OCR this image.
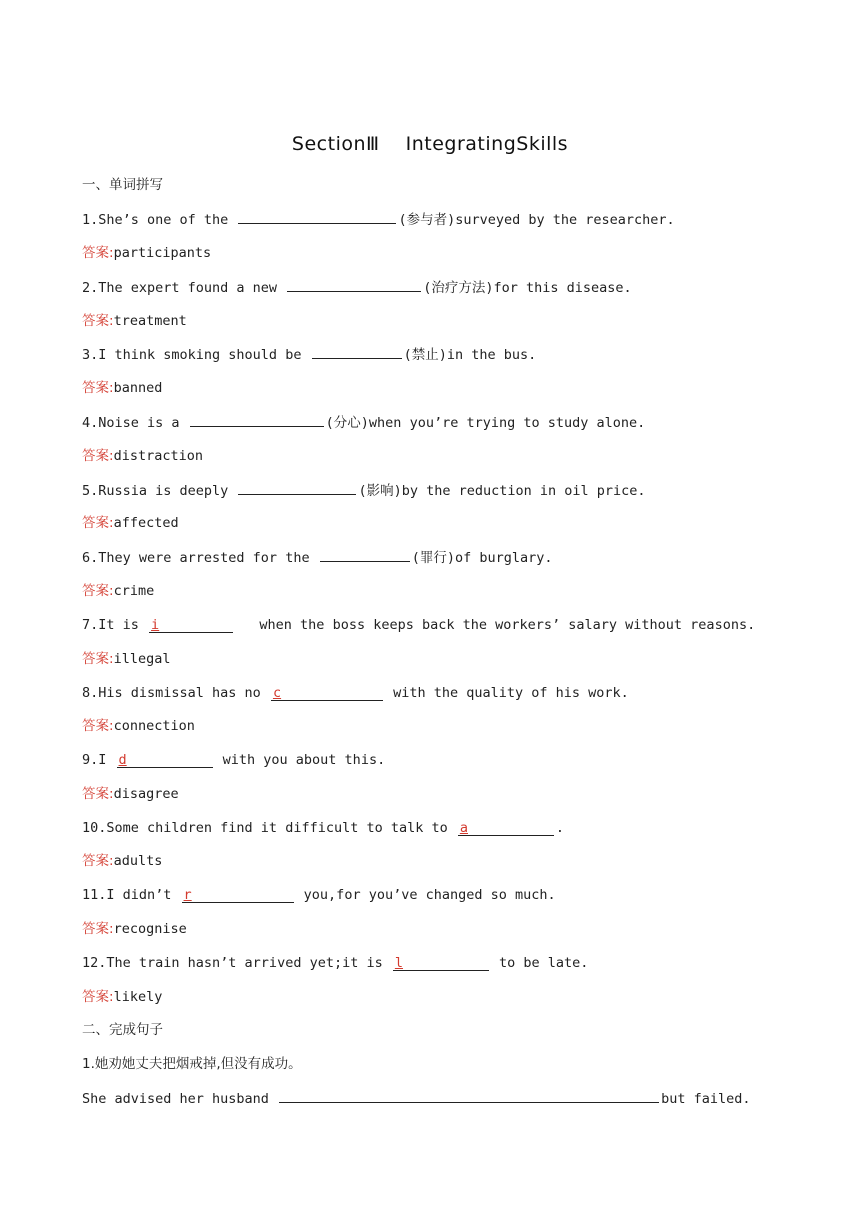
SectionⅢ IntegratingSkills
一、单词拼写
1.She’s one of the	(参与者)surveyed by the researcher.
答案:participants
2.The expert found a new	(治疗方法)for this disease.
答案:treatment
3.I think smoking should be	(禁止)in the bus.
答案:banned
4.Noise is a	(分心)when you’re trying to study alone.
答案:distraction
5.Russia is deeply	(影响)by the reduction in oil price.
答案:affected
6.They were arrested for the	(罪行)of burglary.
答案:crime
7.It is i	when the boss keeps back the workers’ salary without reasons.
答案:illegal
8.His dismissal has no c	with the quality of his work.
答案:connection
9.I d	with you about this.
答案:disagree
10.Some children find it difficult to talk to a	.
答案:adults
11.I didn’t r	you,for you’ve changed so much.
答案:recognise
12.The train hasn’t arrived yet;it is l	to be late.
答案:likely
二、完成句子
1.她劝她丈夫把烟戒掉,但没有成功。
She advised her husband	but failed.
